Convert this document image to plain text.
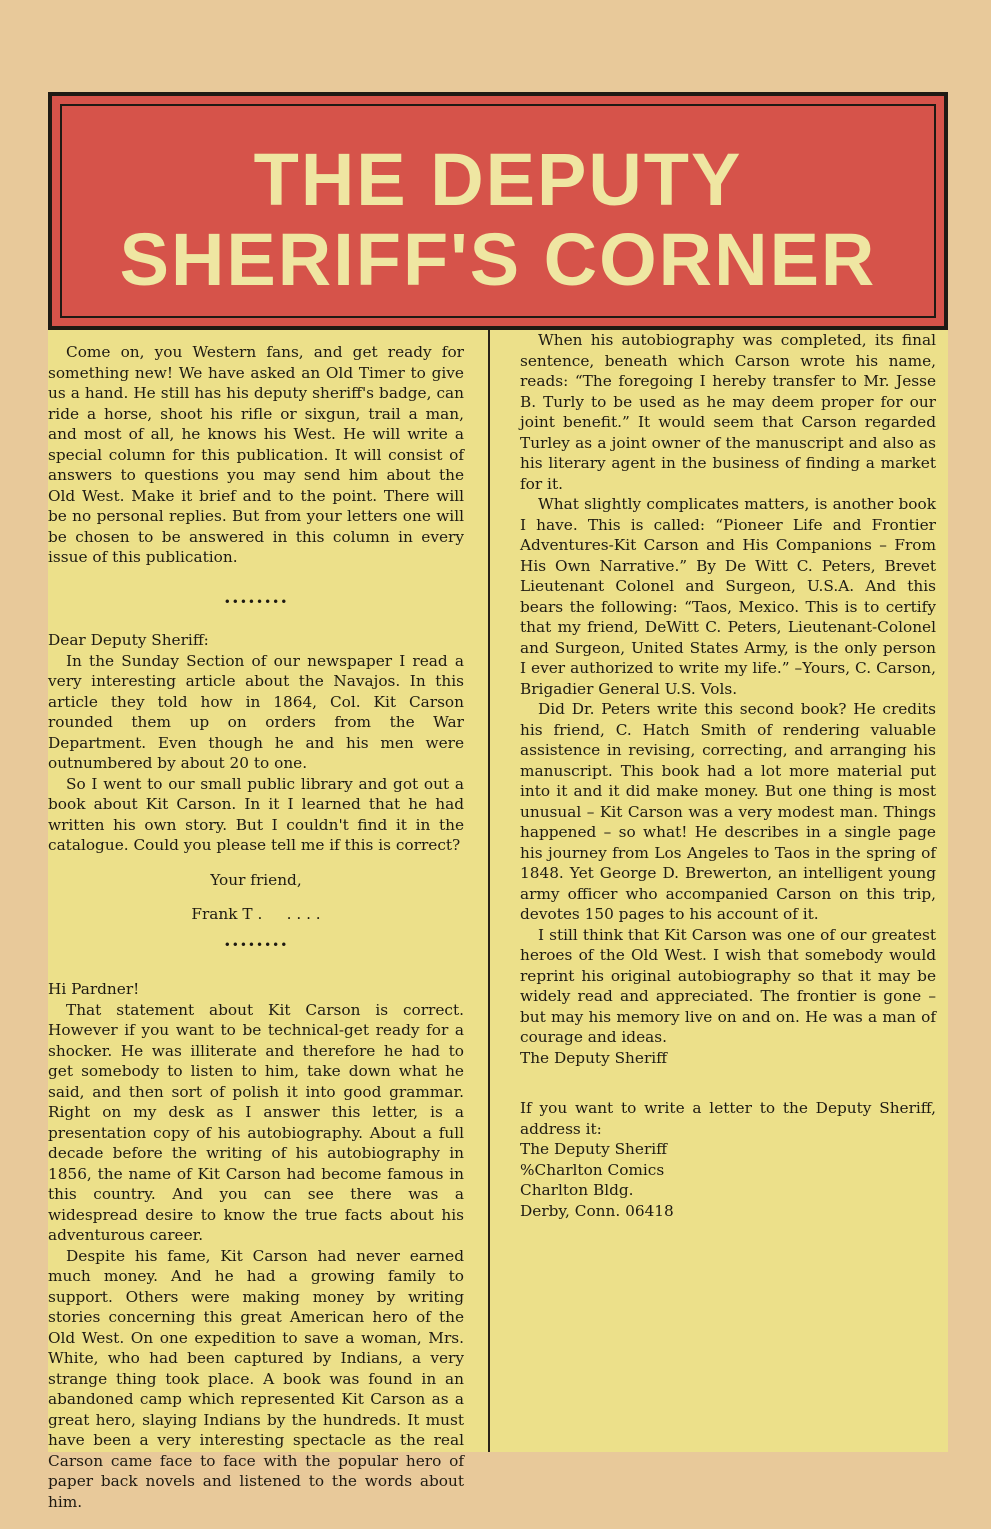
THE DEPUTY
SHERIFF'S CORNER

Come on, you Western fans, and get ready for something new! We have asked an Old Timer to give us a hand. He still has his deputy sheriff's badge, can ride a horse, shoot his rifle or sixgun, trail a man, and most of all, he knows his West. He will write a special column for this publication. It will consist of answers to questions you may send him about the Old West. Make it brief and to the point. There will be no personal replies. But from your letters one will be chosen to be answered in this column in every issue of this publication.

••••••••

Dear Deputy Sheriff:

In the Sunday Section of our newspaper I read a very interesting article about the Navajos. In this article they told how in 1864, Col. Kit Carson rounded them up on orders from the War Department. Even though he and his men were outnumbered by about 20 to one.

So I went to our small public library and got out a book about Kit Carson. In it I learned that he had written his own story. But I couldn't find it in the catalogue. Could you please tell me if this is correct?

Your friend,

Frank T .     . . . .

••••••••

Hi Pardner!

That statement about Kit Carson is correct. However if you want to be technical-get ready for a shocker. He was illiterate and therefore he had to get somebody to listen to him, take down what he said, and then sort of polish it into good grammar. Right on my desk as I answer this letter, is a presentation copy of his autobiography. About a full decade before the writing of his autobiography in 1856, the name of Kit Carson had become famous in this country. And you can see there was a widespread desire to know the true facts about his adventurous career.

Despite his fame, Kit Carson had never earned much money. And he had a growing family to support. Others were making money by writing stories concerning this great American hero of the Old West. On one expedition to save a woman, Mrs. White, who had been captured by Indians, a very strange thing took place. A book was found in an abandoned camp which represented Kit Carson as a great hero, slaying Indians by the hundreds. It must have been a very interesting spectacle as the real Carson came face to face with the popular hero of paper back novels and listened to the words about him.

When his autobiography was completed, its final sentence, beneath which Carson wrote his name, reads: “The foregoing I hereby transfer to Mr. Jesse B. Turly to be used as he may deem proper for our joint benefit.” It would seem that Carson regarded Turley as a joint owner of the manuscript and also as his literary agent in the business of finding a market for it.

What slightly complicates matters, is another book I have. This is called: “Pioneer Life and Frontier Adventures-Kit Carson and His Companions – From His Own Narrative.” By De Witt C. Peters, Brevet Lieutenant Colonel and Surgeon, U.S.A. And this bears the following: “Taos, Mexico. This is to certify that my friend, DeWitt C. Peters, Lieutenant-Colonel and Surgeon, United States Army, is the only person I ever authorized to write my life.” –Yours, C. Carson, Brigadier General U.S. Vols.

Did Dr. Peters write this second book? He credits his friend, C. Hatch Smith of rendering valuable assistence in revising, correcting, and arranging his manuscript. This book had a lot more material put into it and it did make money. But one thing is most unusual – Kit Carson was a very modest man. Things happened – so what! He describes in a single page his journey from Los Angeles to Taos in the spring of 1848. Yet George D. Brewerton, an intelligent young army officer who accompanied Carson on this trip, devotes 150 pages to his account of it.

I still think that Kit Carson was one of our greatest heroes of the Old West. I wish that somebody would reprint his original autobiography so that it may be widely read and appreciated. The frontier is gone – but may his memory live on and on. He was a man of courage and ideas.

The Deputy Sheriff

If you want to write a letter to the Deputy Sheriff, address it:

The Deputy Sheriff

%Charlton Comics

Charlton Bldg.

Derby, Conn. 06418
